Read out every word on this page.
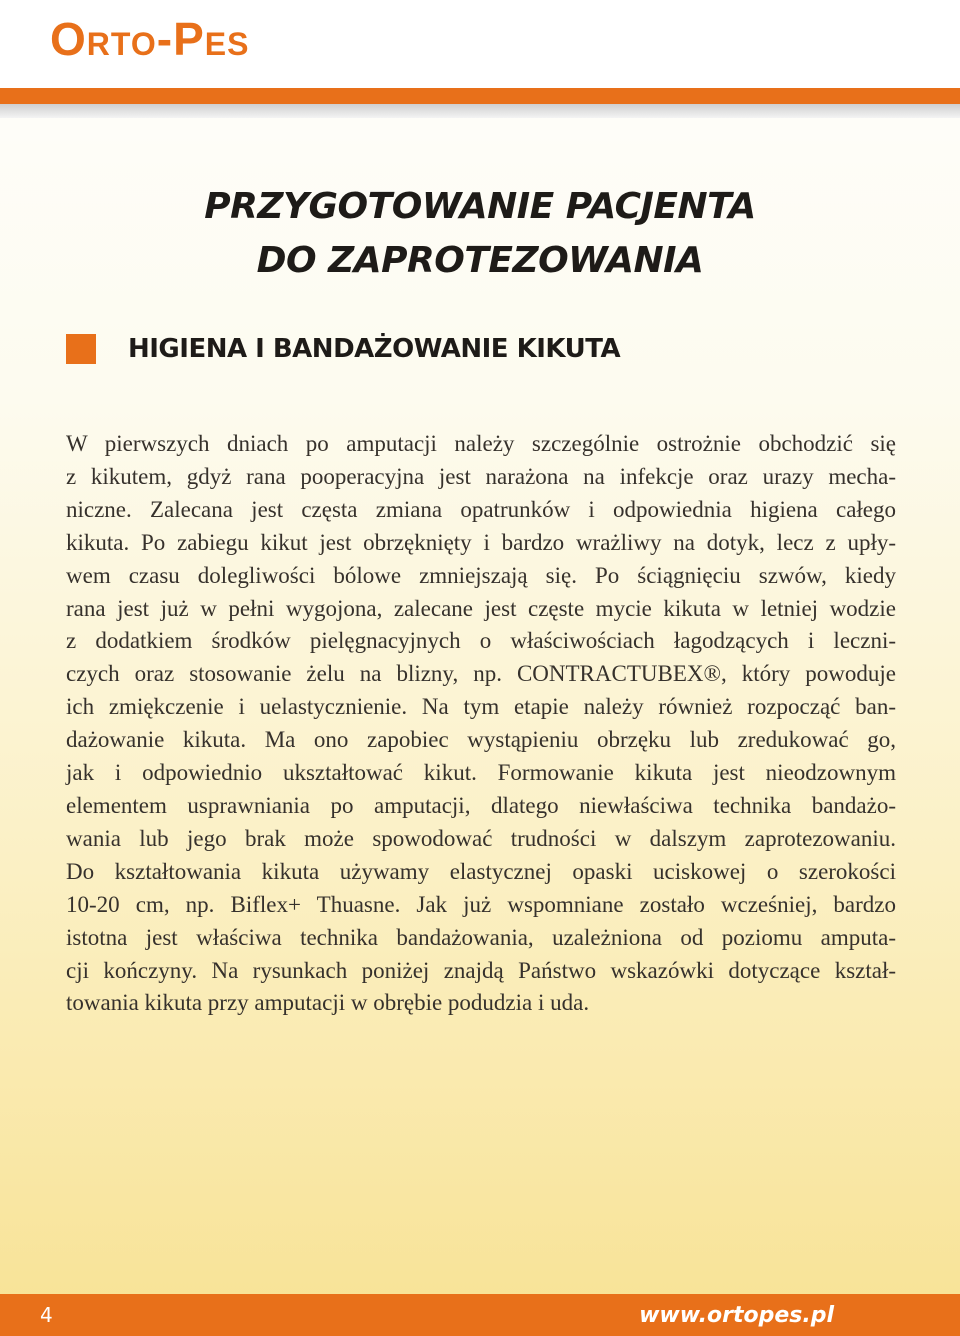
Orto-Pes
PRZYGOTOWANIE PACJENTA
DO ZAPROTEZOWANIA
HIGIENA I BANDAŻOWANIE KIKUTA
W pierwszych dniach po amputacji należy szczególnie ostrożnie obchodzić się
z kikutem, gdyż rana pooperacyjna jest narażona na infekcje oraz urazy mecha-
niczne. Zalecana jest częsta zmiana opatrunków i odpowiednia higiena całego
kikuta. Po zabiegu kikut jest obrzęknięty i bardzo wrażliwy na dotyk, lecz z upły-
wem czasu dolegliwości bólowe zmniejszają się. Po ściągnięciu szwów, kiedy
rana jest już w pełni wygojona, zalecane jest częste mycie kikuta w letniej wodzie
z dodatkiem środków pielęgnacyjnych o właściwościach łagodzących i leczni-
czych oraz stosowanie żelu na blizny, np. CONTRACTUBEX®, który powoduje
ich zmiękczenie i uelastycznienie. Na tym etapie należy również rozpocząć ban-
dażowanie kikuta. Ma ono zapobiec wystąpieniu obrzęku lub zredukować go,
jak i odpowiednio ukształtować kikut. Formowanie kikuta jest nieodzownym
elementem usprawniania po amputacji, dlatego niewłaściwa technika bandażo-
wania lub jego brak może spowodować trudności w dalszym zaprotezowaniu.
Do kształtowania kikuta używamy elastycznej opaski uciskowej o szerokości
10-20 cm, np. Biflex+ Thuasne. Jak już wspomniane zostało wcześniej, bardzo
istotna jest właściwa technika bandażowania, uzależniona od poziomu amputa-
cji kończyny. Na rysunkach poniżej znajdą Państwo wskazówki dotyczące kształ-
towania kikuta przy amputacji w obrębie podudzia i uda.
4	www.ortopes.pl
